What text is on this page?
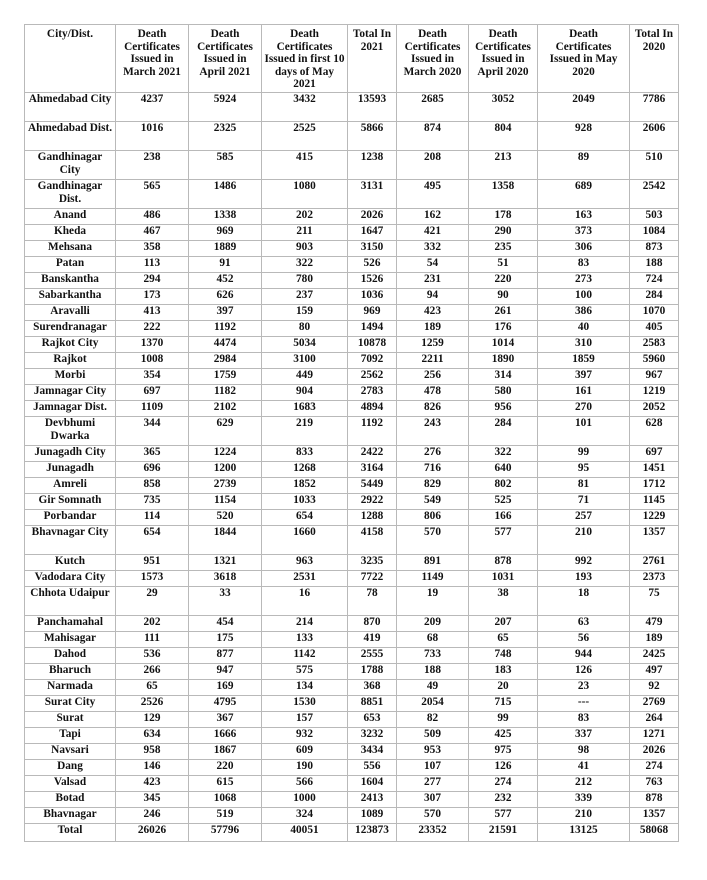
City/Dist.	Death Certificates Issued in March 2021	Death Certificates Issued in April 2021	Death Certificates Issued in first 10 days of May 2021	Total In 2021	Death Certificates Issued in March 2020	Death Certificates Issued in April 2020	Death Certificates Issued in May 2020	Total In 2020
Ahmedabad City	4237	5924	3432	13593	2685	3052	2049	7786
Ahmedabad Dist.	1016	2325	2525	5866	874	804	928	2606
Gandhinagar City	238	585	415	1238	208	213	89	510
Gandhinagar Dist.	565	1486	1080	3131	495	1358	689	2542
Anand	486	1338	202	2026	162	178	163	503
Kheda	467	969	211	1647	421	290	373	1084
Mehsana	358	1889	903	3150	332	235	306	873
Patan	113	91	322	526	54	51	83	188
Banskantha	294	452	780	1526	231	220	273	724
Sabarkantha	173	626	237	1036	94	90	100	284
Aravalli	413	397	159	969	423	261	386	1070
Surendranagar	222	1192	80	1494	189	176	40	405
Rajkot City	1370	4474	5034	10878	1259	1014	310	2583
Rajkot	1008	2984	3100	7092	2211	1890	1859	5960
Morbi	354	1759	449	2562	256	314	397	967
Jamnagar City	697	1182	904	2783	478	580	161	1219
Jamnagar Dist.	1109	2102	1683	4894	826	956	270	2052
Devbhumi Dwarka	344	629	219	1192	243	284	101	628
Junagadh City	365	1224	833	2422	276	322	99	697
Junagadh	696	1200	1268	3164	716	640	95	1451
Amreli	858	2739	1852	5449	829	802	81	1712
Gir Somnath	735	1154	1033	2922	549	525	71	1145
Porbandar	114	520	654	1288	806	166	257	1229
Bhavnagar City	654	1844	1660	4158	570	577	210	1357
Kutch	951	1321	963	3235	891	878	992	2761
Vadodara City	1573	3618	2531	7722	1149	1031	193	2373
Chhota Udaipur	29	33	16	78	19	38	18	75
Panchamahal	202	454	214	870	209	207	63	479
Mahisagar	111	175	133	419	68	65	56	189
Dahod	536	877	1142	2555	733	748	944	2425
Bharuch	266	947	575	1788	188	183	126	497
Narmada	65	169	134	368	49	20	23	92
Surat City	2526	4795	1530	8851	2054	715	---	2769
Surat	129	367	157	653	82	99	83	264
Tapi	634	1666	932	3232	509	425	337	1271
Navsari	958	1867	609	3434	953	975	98	2026
Dang	146	220	190	556	107	126	41	274
Valsad	423	615	566	1604	277	274	212	763
Botad	345	1068	1000	2413	307	232	339	878
Bhavnagar	246	519	324	1089	570	577	210	1357
Total	26026	57796	40051	123873	23352	21591	13125	58068
